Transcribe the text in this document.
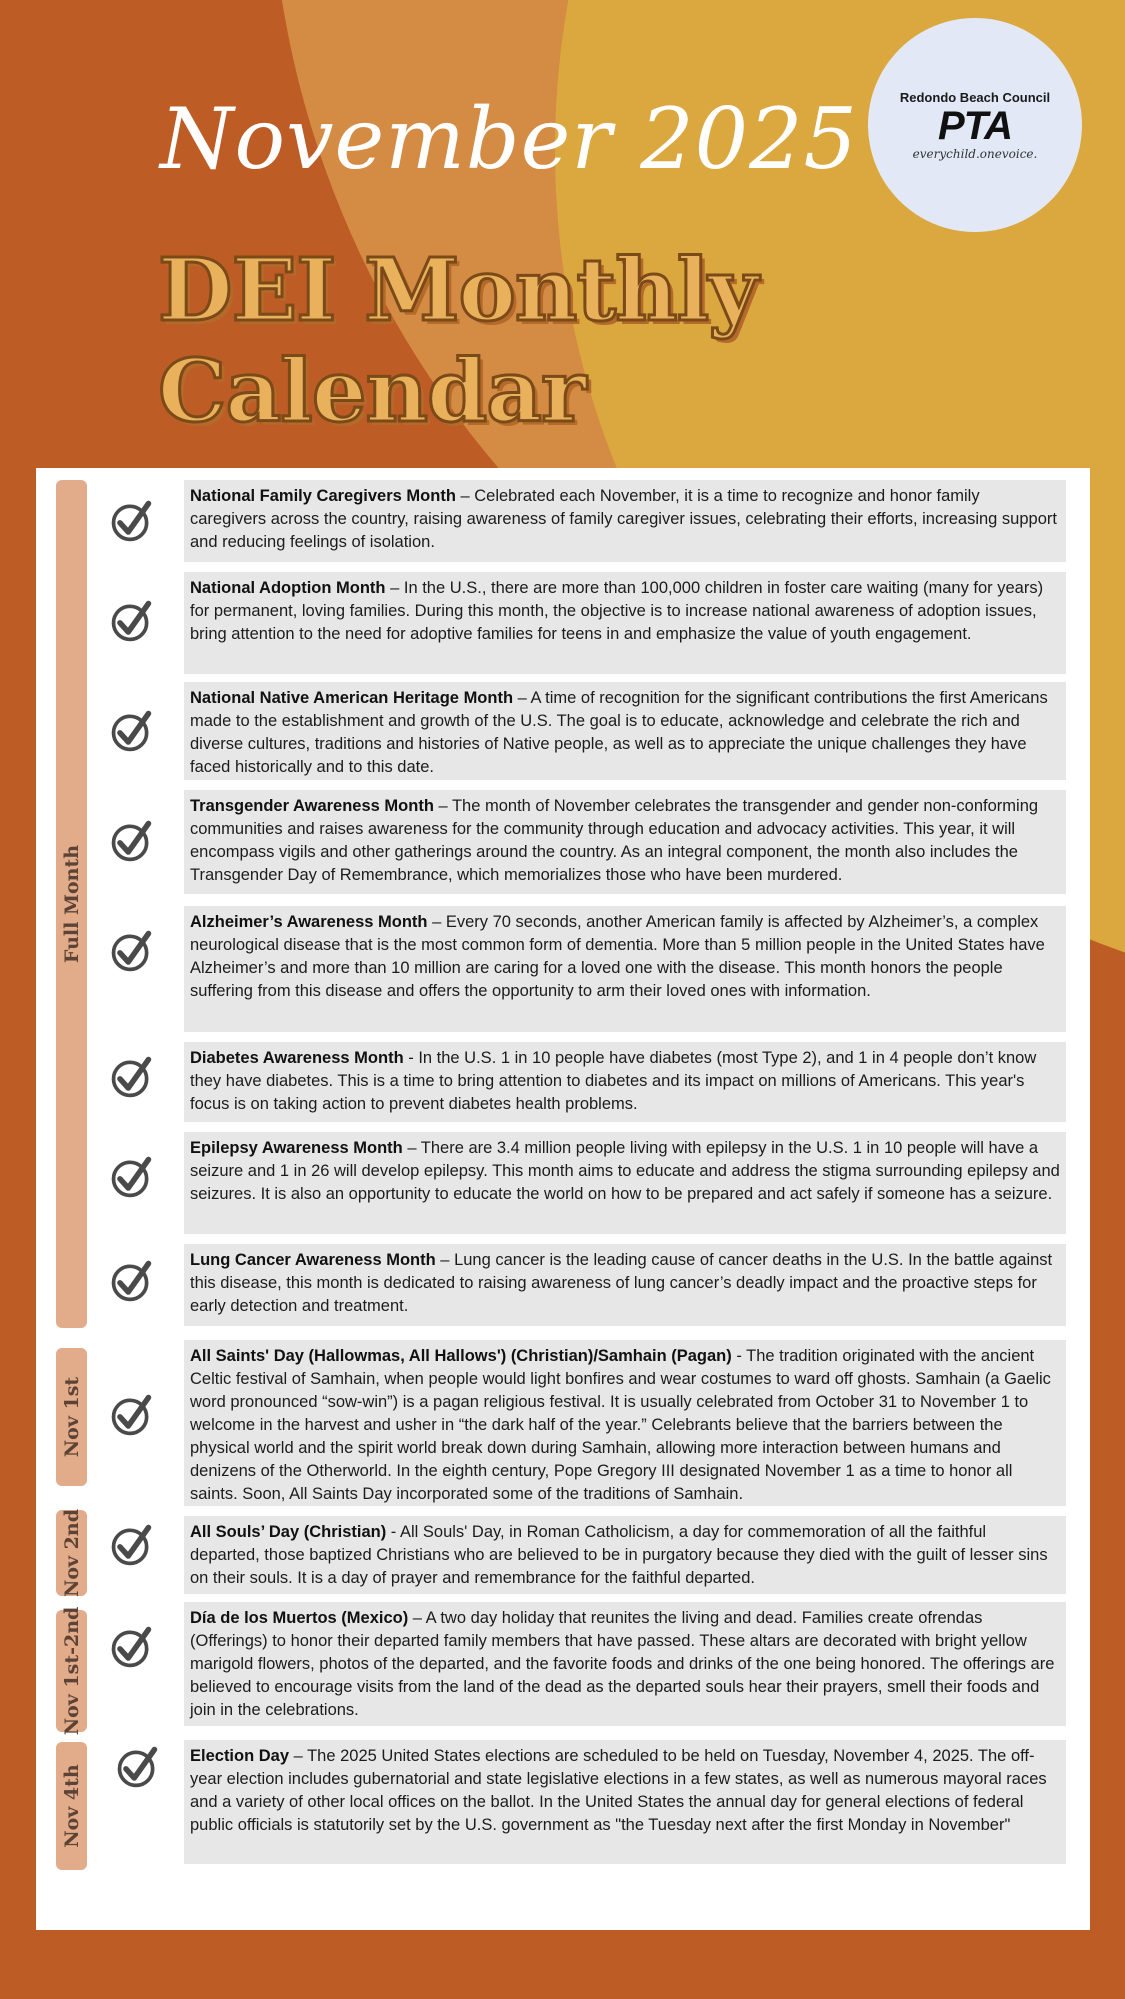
November 2025
DEI Monthly Calendar
Redondo Beach Council
PTA
everychild.onevoice.
Full Month
Nov 1st
Nov 2nd
Nov 1st-2nd
Nov 4th
National Family Caregivers Month – Celebrated each November, it is a time to recognize and honor family caregivers across the country, raising awareness of family caregiver issues, celebrating their efforts, increasing support and reducing feelings of isolation.
National Adoption Month – In the U.S., there are more than 100,000 children in foster care waiting (many for years) for permanent, loving families. During this month, the objective is to increase national awareness of adoption issues, bring attention to the need for adoptive families for teens in and emphasize the value of youth engagement.
National Native American Heritage Month – A time of recognition for the significant contributions the first Americans made to the establishment and growth of the U.S. The goal is to educate, acknowledge and celebrate the rich and diverse cultures, traditions and histories of Native people, as well as to appreciate the unique challenges they have faced historically and to this date.
Transgender Awareness Month – The month of November celebrates the transgender and gender non-conforming communities and raises awareness for the community through education and advocacy activities. This year, it will encompass vigils and other gatherings around the country. As an integral component, the month also includes the Transgender Day of Remembrance, which memorializes those who have been murdered.
Alzheimer’s Awareness Month – Every 70 seconds, another American family is affected by Alzheimer’s, a complex neurological disease that is the most common form of dementia. More than 5 million people in the United States have Alzheimer’s and more than 10 million are caring for a loved one with the disease. This month honors the people suffering from this disease and offers the opportunity to arm their loved ones with information.
Diabetes Awareness Month - In the U.S. 1 in 10 people have diabetes (most Type 2), and 1 in 4 people don’t know they have diabetes. This is a time to bring attention to diabetes and its impact on millions of Americans. This year's focus is on taking action to prevent diabetes health problems.
Epilepsy Awareness Month – There are 3.4 million people living with epilepsy in the U.S. 1 in 10 people will have a seizure and 1 in 26 will develop epilepsy. This month aims to educate and address the stigma surrounding epilepsy and seizures. It is also an opportunity to educate the world on how to be prepared and act safely if someone has a seizure.
Lung Cancer Awareness Month – Lung cancer is the leading cause of cancer deaths in the U.S. In the battle against this disease, this month is dedicated to raising awareness of lung cancer’s deadly impact and the proactive steps for early detection and treatment.
All Saints' Day (Hallowmas, All Hallows') (Christian)/Samhain (Pagan) - The tradition originated with the ancient Celtic festival of Samhain, when people would light bonfires and wear costumes to ward off ghosts. Samhain (a Gaelic word pronounced “sow-win”) is a pagan religious festival. It is usually celebrated from October 31 to November 1 to welcome in the harvest and usher in “the dark half of the year.” Celebrants believe that the barriers between the physical world and the spirit world break down during Samhain, allowing more interaction between humans and denizens of the Otherworld. In the eighth century, Pope Gregory III designated November 1 as a time to honor all saints. Soon, All Saints Day incorporated some of the traditions of Samhain.
All Souls’ Day (Christian) - All Souls' Day, in Roman Catholicism, a day for commemoration of all the faithful departed, those baptized Christians who are believed to be in purgatory because they died with the guilt of lesser sins on their souls. It is a day of prayer and remembrance for the faithful departed.
Día de los Muertos (Mexico) – A two day holiday that reunites the living and dead. Families create ofrendas (Offerings) to honor their departed family members that have passed. These altars are decorated with bright yellow marigold flowers, photos of the departed, and the favorite foods and drinks of the one being honored. The offerings are believed to encourage visits from the land of the dead as the departed souls hear their prayers, smell their foods and join in the celebrations.
Election Day – The 2025 United States elections are scheduled to be held on Tuesday, November 4, 2025. The off-year election includes gubernatorial and state legislative elections in a few states, as well as numerous mayoral races and a variety of other local offices on the ballot. In the United States the annual day for general elections of federal public officials is statutorily set by the U.S. government as "the Tuesday next after the first Monday in November"
